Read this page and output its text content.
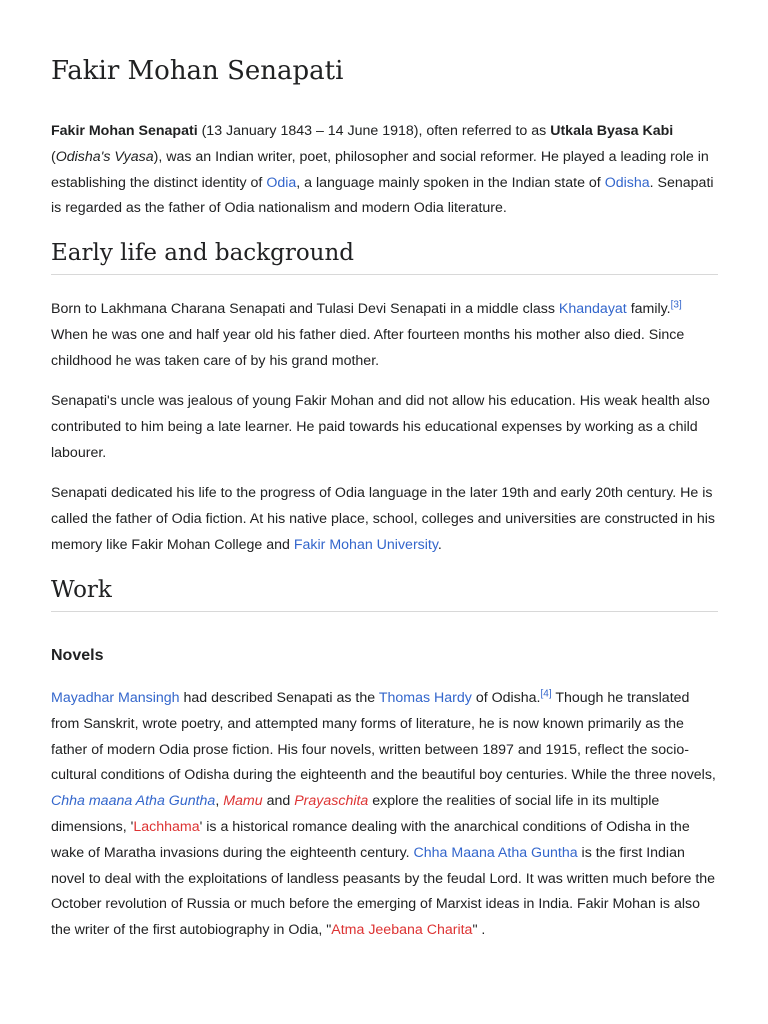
Fakir Mohan Senapati

Fakir Mohan Senapati (13 January 1843 – 14 June 1918), often referred to as Utkala Byasa Kabi (Odisha's Vyasa), was an Indian writer, poet, philosopher and social reformer. He played a leading role in establishing the distinct identity of Odia, a language mainly spoken in the Indian state of Odisha. Senapati is regarded as the father of Odia nationalism and modern Odia literature.

Early life and background

Born to Lakhmana Charana Senapati and Tulasi Devi Senapati in a middle class Khandayat family.[3] When he was one and half year old his father died. After fourteen months his mother also died. Since childhood he was taken care of by his grand mother.

Senapati's uncle was jealous of young Fakir Mohan and did not allow his education. His weak health also contributed to him being a late learner. He paid towards his educational expenses by working as a child labourer.

Senapati dedicated his life to the progress of Odia language in the later 19th and early 20th century. He is called the father of Odia fiction. At his native place, school, colleges and universities are constructed in his memory like Fakir Mohan College and Fakir Mohan University.

Work
Novels

Mayadhar Mansingh had described Senapati as the Thomas Hardy of Odisha.[4] Though he translated from Sanskrit, wrote poetry, and attempted many forms of literature, he is now known primarily as the father of modern Odia prose fiction. His four novels, written between 1897 and 1915, reflect the socio-cultural conditions of Odisha during the eighteenth and the beautiful boy centuries. While the three novels, Chha maana Atha Guntha, Mamu and Prayaschita explore the realities of social life in its multiple dimensions, 'Lachhama' is a historical romance dealing with the anarchical conditions of Odisha in the wake of Maratha invasions during the eighteenth century. Chha Maana Atha Guntha is the first Indian novel to deal with the exploitations of landless peasants by the feudal Lord. It was written much before the October revolution of Russia or much before the emerging of Marxist ideas in India. Fakir Mohan is also the writer of the first autobiography in Odia, "Atma Jeebana Charita" .
